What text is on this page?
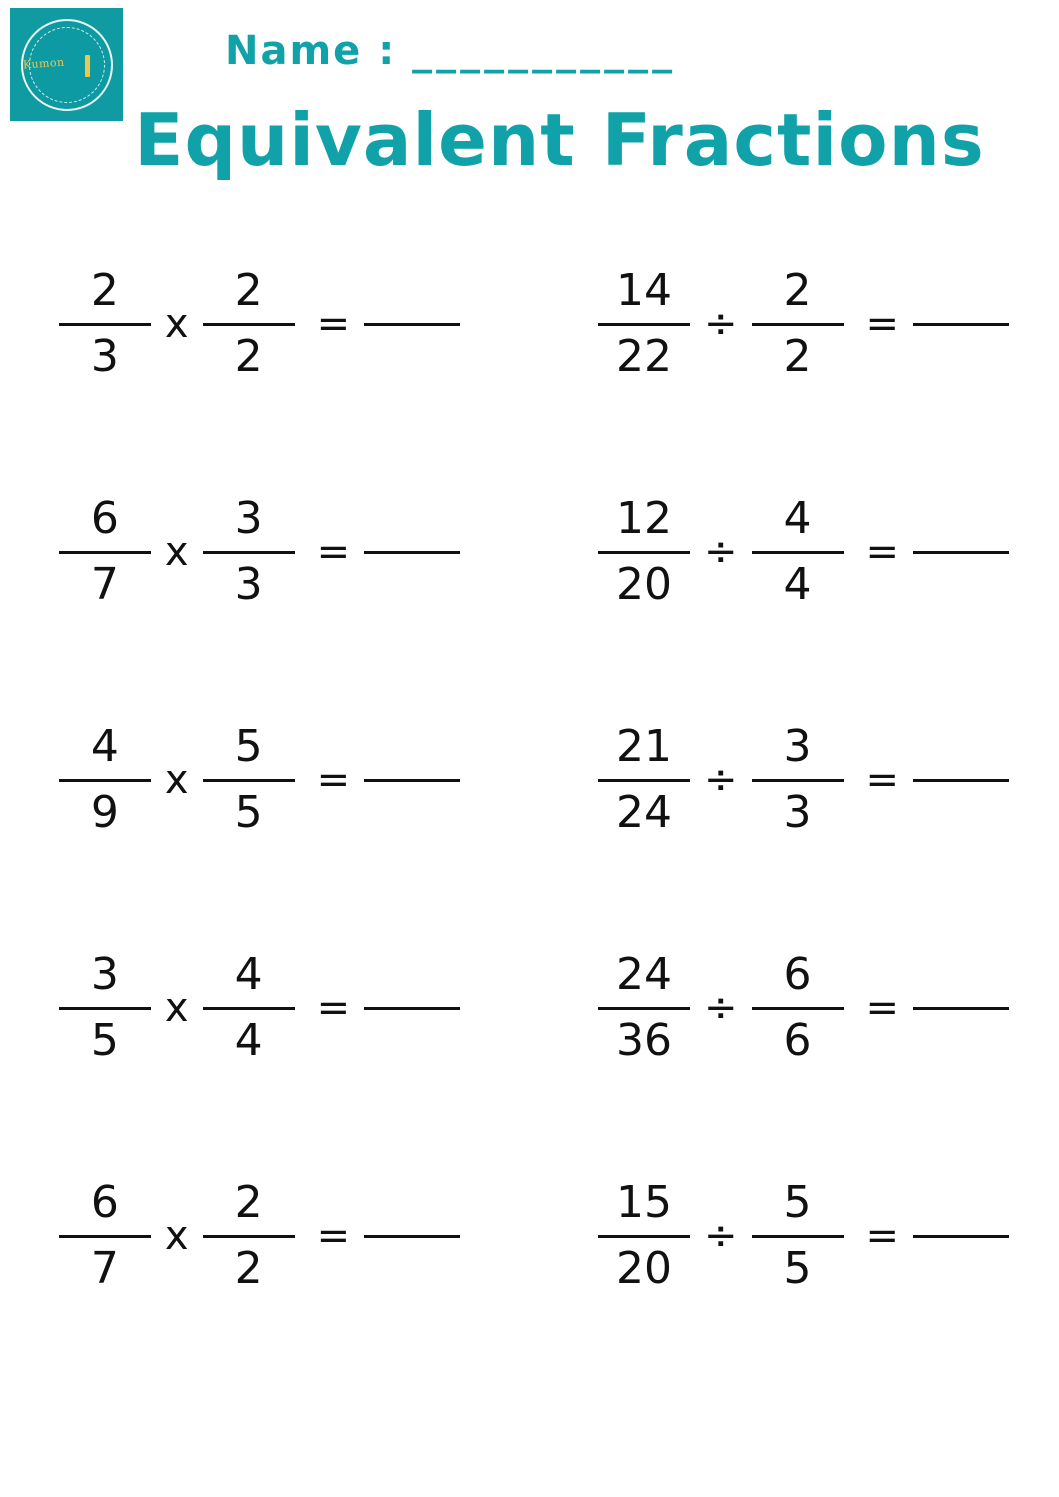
Kumon	Name : ___________
Equivalent Fractions
$\frac{2}{3}$ x $\frac{2}{2}$ =	$\frac{14}{22} \div \frac{2}{2}$ =
$\frac{6}{7}$ x $\frac{3}{3}$ =	$\frac{12}{20} \div \frac{4}{4}$ =
$\frac{4}{9}$ x $\frac{5}{5}$ =	$\frac{21}{24} \div \frac{3}{3}$ =
$\frac{3}{5}$ x $\frac{4}{4}$ =	$\frac{24}{36} \div \frac{6}{6}$ =
$\frac{6}{7}$ x $\frac{2}{2}$ =	$\frac{15}{20} \div \frac{5}{5}$ =
